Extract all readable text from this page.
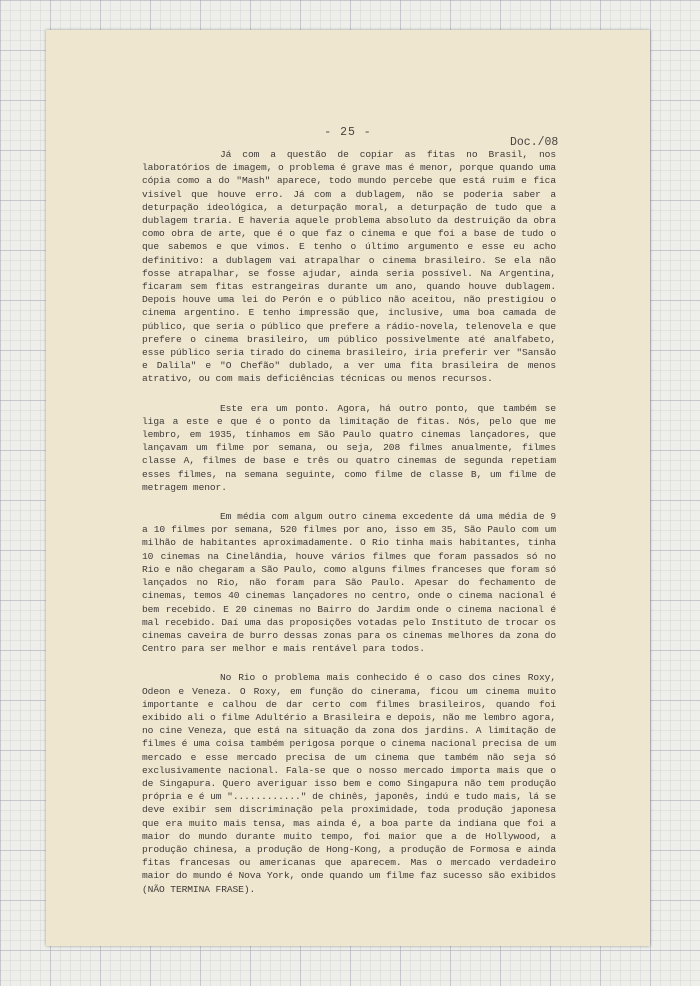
- 25 -
Doc./08

Já com a questão de copiar as fitas no Brasil, nos laboratórios de imagem, o problema é grave mas é menor, porque quando uma cópia como a do "Mash" aparece, todo mundo percebe que está ruim e fica visível que houve erro. Já com a dublagem, não se poderia saber a deturpação ideológica, a deturpação moral, a deturpação de tudo que a dublagem traria. E haveria aquele problema absoluto da destruição da obra como obra de arte, que é o que faz o cinema e que foi a base de tudo o que sabemos e que vimos. E tenho o último argumento e esse eu acho definitivo: a dublagem vai atrapalhar o cinema brasileiro. Se ela não fosse atrapalhar, se fosse ajudar, ainda seria possível. Na Argentina, ficaram sem fitas estrangeiras durante um ano, quando houve dublagem. Depois houve uma lei do Perón e o público não aceitou, não prestigiou o cinema argentino. E tenho impressão que, inclusive, uma boa camada de público, que seria o público que prefere a rádio-novela, telenovela e que prefere o cinema brasileiro, um público possivelmente até analfabeto, esse público seria tirado do cinema brasileiro, iria preferir ver "Sansão e Dalila" e "O Chefão" dublado, a ver uma fita brasileira de menos atrativo, ou com mais deficiências técnicas ou menos recursos.

Este era um ponto. Agora, há outro ponto, que também se liga a este e que é o ponto da limitação de fitas. Nós, pelo que me lembro, em 1935, tínhamos em São Paulo quatro cinemas lançadores, que lançavam um filme por semana, ou seja, 208 filmes anualmente, filmes classe A, filmes de base e três ou quatro cinemas de segunda repetiam esses filmes, na semana seguinte, como filme de classe B, um filme de metragem menor.

Em média com algum outro cinema excedente dá uma média de 9 a 10 filmes por semana, 520 filmes por ano, isso em 35, São Paulo com um milhão de habitantes aproximadamente. O Rio tinha mais habitantes, tinha 10 cinemas na Cinelândia, houve vários filmes que foram passados só no Rio e não chegaram a São Paulo, como alguns filmes franceses que foram só lançados no Rio, não foram para São Paulo. Apesar do fechamento de cinemas, temos 40 cinemas lançadores no centro, onde o cinema nacional é bem recebido. E 20 cinemas no Bairro do Jardim onde o cinema nacional é mal recebido. Daí uma das proposições votadas pelo Instituto de trocar os cinemas caveira de burro dessas zonas para os cinemas melhores da zona do Centro para ser melhor e mais rentável para todos.

No Rio o problema mais conhecido é o caso dos cines Roxy, Odeon e Veneza. O Roxy, em função do cinerama, ficou um cinema muito importante e calhou de dar certo com filmes brasileiros, quando foi exibido ali o filme Adultério a Brasileira e depois, não me lembro agora, no cine Veneza, que está na situação da zona dos jardins. A limitação de filmes é uma coisa também perigosa porque o cinema nacional precisa de um mercado e esse mercado precisa de um cinema que também não seja só exclusivamente nacional. Fala-se que o nosso mercado importa mais que o de Singapura. Quero averiguar isso bem e como Singapura não tem produção própria e é um "............" de chinês, japonês, indú e tudo mais, lá se deve exibir sem discriminação pela proximidade, toda produção japonesa que era muito mais tensa, mas ainda é, a boa parte da indiana que foi a maior do mundo durante muito tempo, foi maior que a de Hollywood, a produção chinesa, a produção de Hong-Kong, a produção de Formosa e ainda fitas francesas ou americanas que aparecem. Mas o mercado verdadeiro maior do mundo é Nova York, onde quando um filme faz sucesso são exibidos (NÃO TERMINA FRASE).
